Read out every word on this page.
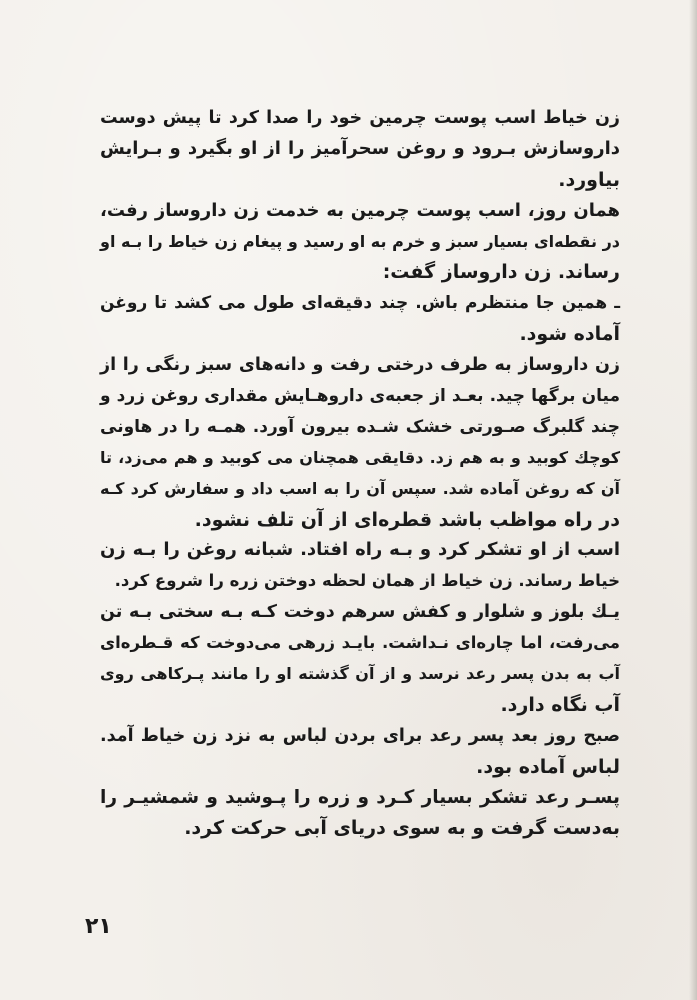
زن خیاط اسب پوست چرمین خود را صدا کرد تا پیش دوست
داروسازش بـرود و روغن سحرآمیز را از او بگیرد و بـرایش
بیاورد.
همان روز، اسب پوست چرمین به خدمت زن داروساز رفت،
در نقطه‌ای بسیار سبز و خرم به او رسید و پیغام زن خیاط را بـه او
رساند. زن داروساز گفت:
ـ همین جا منتظرم باش. چند دقیقه‌ای طول می کشد تا روغن
آماده شود.
زن داروساز به طرف درختی رفت و دانه‌های سبز رنگی را از
میان برگها چید. بعـد از جعبه‌ی داروهـایش مقداری روغن زرد و
چند گلبرگ صـورتی خشک شـده بیرون آورد. همـه را در هاونی
کوچك کوبید و به هم زد. دقایقی همچنان می کوبید و هم می‌زد، تا
آن که روغن آماده شد. سپس آن را به اسب داد و سفارش کرد کـه
در راه مواظب باشد قطره‌ای از آن تلف نشود.
اسب از او تشکر کرد و بـه راه افتاد. شبانه روغن را بـه زن
خیاط رساند. زن خیاط از همان لحظه دوختن زره را شروع کرد.
یـك بلوز و شلوار و کفش سرهم دوخت کـه بـه سختی بـه تن
می‌رفت، اما چاره‌ای نـداشت. بایـد زرهی می‌دوخت که قـطره‌ای
آب به بدن پسر رعد نرسد و از آن گذشته او را مانند پـرکاهی روی
آب نگاه دارد.
صبح روز بعد پسر رعد برای بردن لباس به نزد زن خیاط آمد.
لباس آماده بود.
پسـر رعد تشکر بسیار کـرد و زره را پـوشید و شمشیـر را
به‌دست گرفت و به سوی دریای آبی حرکت کرد.
۲۱
